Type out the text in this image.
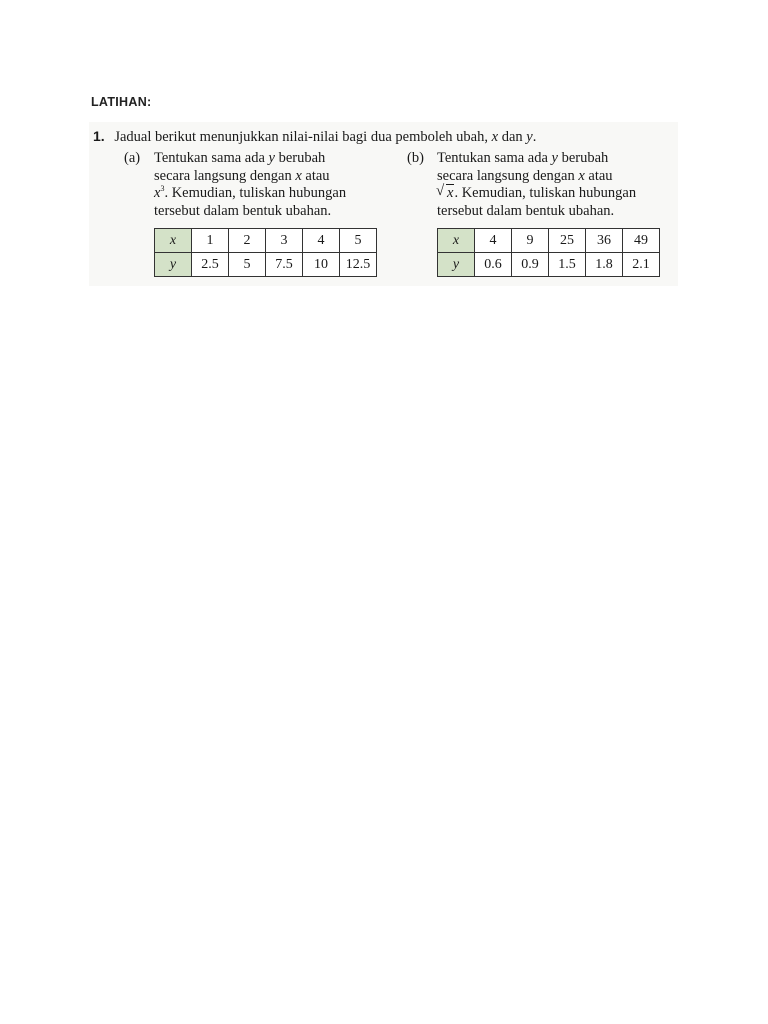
LATIHAN:
1. Jadual berikut menunjukkan nilai-nilai bagi dua pemboleh ubah, x dan y.
(a) Tentukan sama ada y berubah
secara langsung dengan x atau
$x^3$. Kemudian, tuliskan hubungan
tersebut dalam bentuk ubahan.
(b) Tentukan sama ada y berubah
secara langsung dengan x atau
√ x. Kemudian, tuliskan hubungan
tersebut dalam bentuk ubahan.
x	1	2	3	4	5
y	2.5	5	7.5	10	12.5
x	4	9	25	36	49
y	0.6	0.9	1.5	1.8	2.1
